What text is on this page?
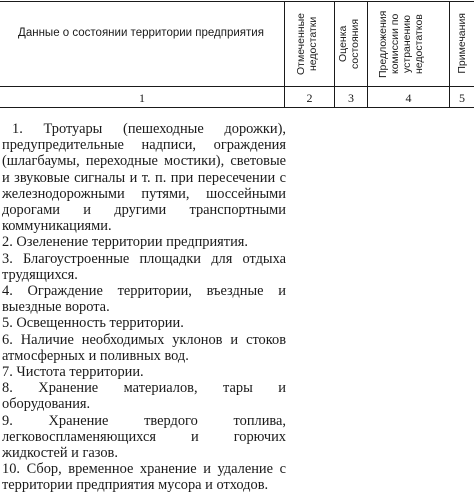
Данные о состоянии территории предприятия	Отмеченные недостатки	Оценка состояния	Предложения комиссии по устранению недостатков	Примечания
1	2	3	4	5

1. Тротуары (пешеходные дорожки), предупредительные надписи, ограждения (шлагбаумы, переходные мостики), световые и звуковые сигналы и т. п. при пересечении с железнодорожными путями, шоссейными дорогами и другими транспортными коммуникациями.

2. Озеленение территории предприятия.

3. Благоустроенные площадки для отдыха трудящихся.

4. Ограждение территории, въездные и выездные ворота.

5. Освещенность территории.

6. Наличие необходимых уклонов и стоков атмосферных и поливных вод.

7. Чистота территории.

8. Хранение материалов, тары и оборудования.

9. Хранение твердого топлива, легковоспламеняющихся и горючих жидкостей и газов.

10. Сбор, временное хранение и удаление с территории предприятия мусора и отходов.
